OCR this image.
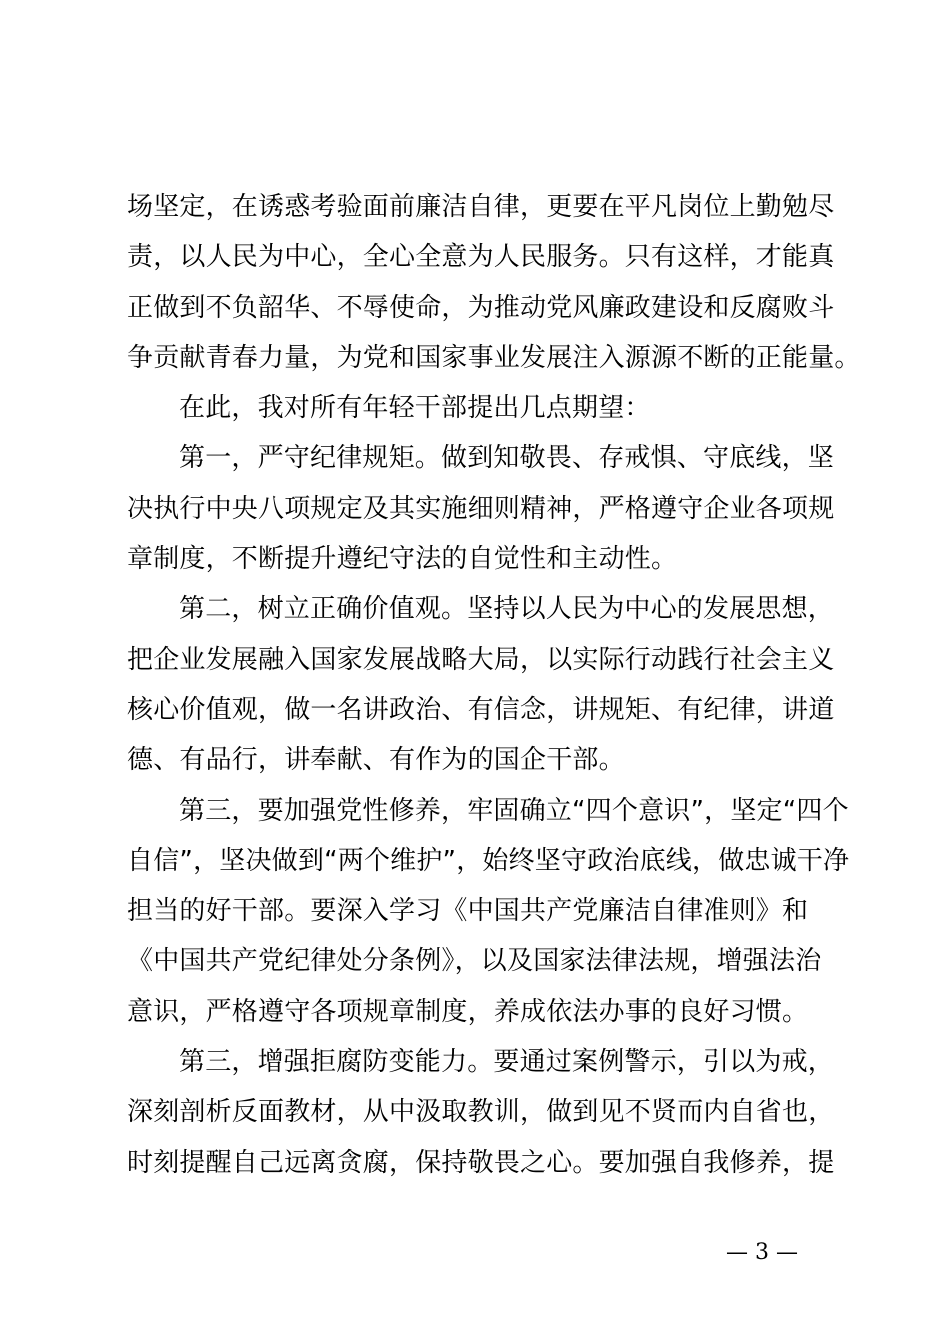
场坚定，在诱惑考验面前廉洁自律，更要在平凡岗位上勤勉尽
责，以人民为中心，全心全意为人民服务。只有这样，才能真
正做到不负韶华、不辱使命，为推动党风廉政建设和反腐败斗
争贡献青春力量，为党和国家事业发展注入源源不断的正能量。
在此，我对所有年轻干部提出几点期望：
第一，严守纪律规矩。做到知敬畏、存戒惧、守底线，坚
决执行中央八项规定及其实施细则精神，严格遵守企业各项规
章制度，不断提升遵纪守法的自觉性和主动性。
第二，树立正确价值观。坚持以人民为中心的发展思想，
把企业发展融入国家发展战略大局，以实际行动践行社会主义
核心价值观，做一名讲政治、有信念，讲规矩、有纪律，讲道
德、有品行，讲奉献、有作为的国企干部。
第三，要加强党性修养，牢固确立“四个意识”，坚定“四个
自信”，坚决做到“两个维护”，始终坚守政治底线，做忠诚干净
担当的好干部。要深入学习《中国共产党廉洁自律准则》和
《中国共产党纪律处分条例》，以及国家法律法规，增强法治
意识，严格遵守各项规章制度，养成依法办事的良好习惯。
第三，增强拒腐防变能力。要通过案例警示，引以为戒，
深刻剖析反面教材，从中汲取教训，做到见不贤而内自省也，
时刻提醒自己远离贪腐，保持敬畏之心。要加强自我修养，提
— 3 —
